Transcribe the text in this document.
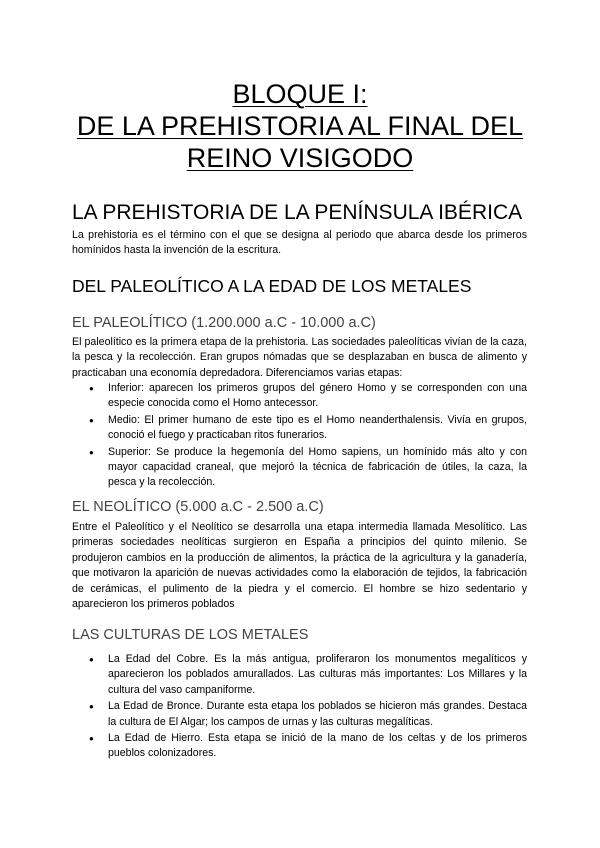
BLOQUE I:
DE LA PREHISTORIA AL FINAL DEL
REINO VISIGODO
LA PREHISTORIA DE LA PENÍNSULA IBÉRICA
La prehistoria es el término con el que se designa al periodo que abarca desde los primeros homínidos hasta la invención de la escritura.
DEL PALEOLÍTICO A LA EDAD DE LOS METALES
EL PALEOLÍTICO (1.200.000 a.C - 10.000 a.C)
El paleolítico es la primera etapa de la prehistoria. Las sociedades paleolíticas vivían de la caza, la pesca y la recolección. Eran grupos nómadas que se desplazaban en busca de alimento y practicaban una economía depredadora. Diferenciamos varias etapas:
● Inferior: aparecen los primeros grupos del género Homo y se corresponden con una especie conocida como el Homo antecessor.
● Medio: El primer humano de este tipo es el Homo neanderthalensis. Vivía en grupos, conoció el fuego y practicaban ritos funerarios.
● Superior: Se produce la hegemonía del Homo sapiens, un homínido más alto y con mayor capacidad craneal, que mejoró la técnica de fabricación de útiles, la caza, la pesca y la recolección.
EL NEOLÍTICO (5.000 a.C - 2.500 a.C)
Entre el Paleolítico y el Neolítico se desarrolla una etapa intermedia llamada Mesolítico. Las primeras sociedades neolíticas surgieron en España a principios del quinto milenio. Se produjeron cambios en la producción de alimentos, la práctica de la agricultura y la ganadería, que motivaron la aparición de nuevas actividades como la elaboración de tejidos, la fabricación de cerámicas, el pulimento de la piedra y el comercio. El hombre se hizo sedentario y aparecieron los primeros poblados
LAS CULTURAS DE LOS METALES
● La Edad del Cobre. Es la más antigua, proliferaron los monumentos megalíticos y aparecieron los poblados amurallados. Las culturas más importantes: Los Millares y la cultura del vaso campaniforme.
● La Edad de Bronce. Durante esta etapa los poblados se hicieron más grandes. Destaca la cultura de El Algar; los campos de urnas y las culturas megalíticas.
● La Edad de Hierro. Esta etapa se inició de la mano de los celtas y de los primeros pueblos colonizadores.
